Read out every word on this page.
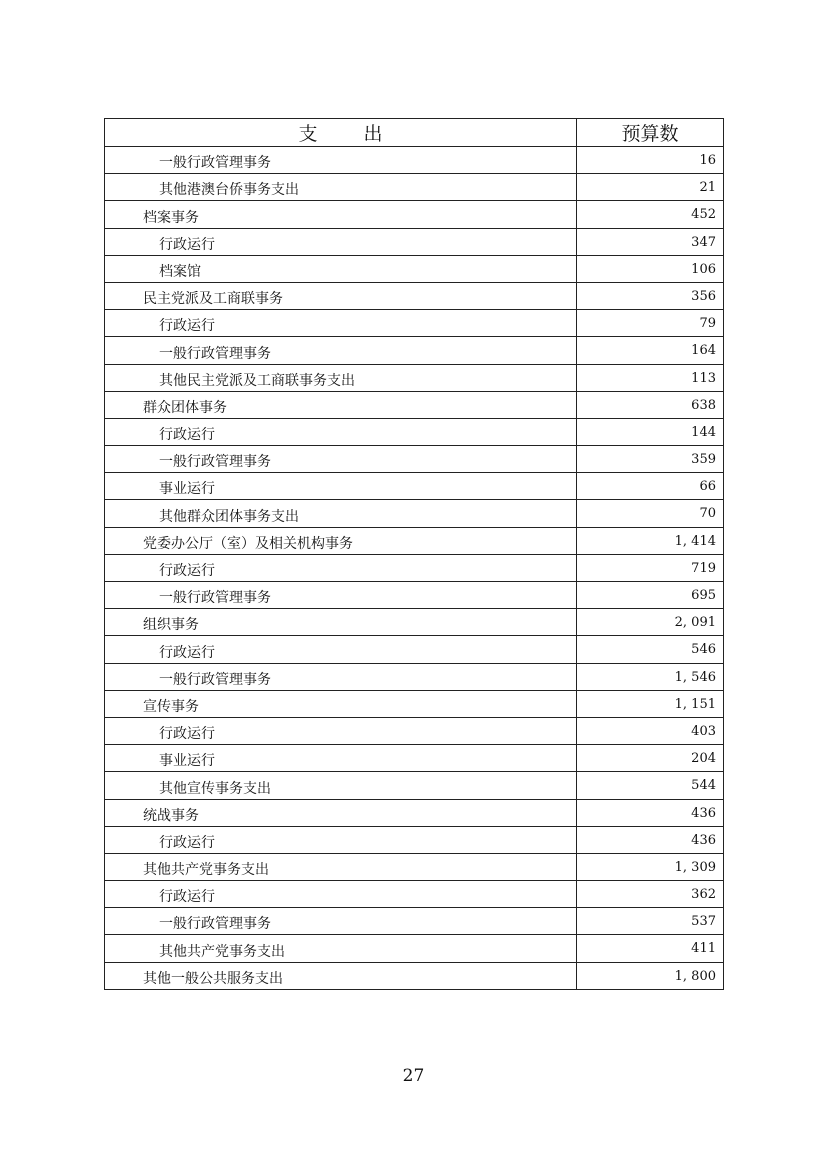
支出	预算数
一般行政管理事务	16
其他港澳台侨事务支出	21
档案事务	452
行政运行	347
档案馆	106
民主党派及工商联事务	356
行政运行	79
一般行政管理事务	164
其他民主党派及工商联事务支出	113
群众团体事务	638
行政运行	144
一般行政管理事务	359
事业运行	66
其他群众团体事务支出	70
党委办公厅（室）及相关机构事务	1, 414
行政运行	719
一般行政管理事务	695
组织事务	2, 091
行政运行	546
一般行政管理事务	1, 546
宣传事务	1, 151
行政运行	403
事业运行	204
其他宣传事务支出	544
统战事务	436
行政运行	436
其他共产党事务支出	1, 309
行政运行	362
一般行政管理事务	537
其他共产党事务支出	411
其他一般公共服务支出	1, 800
27
